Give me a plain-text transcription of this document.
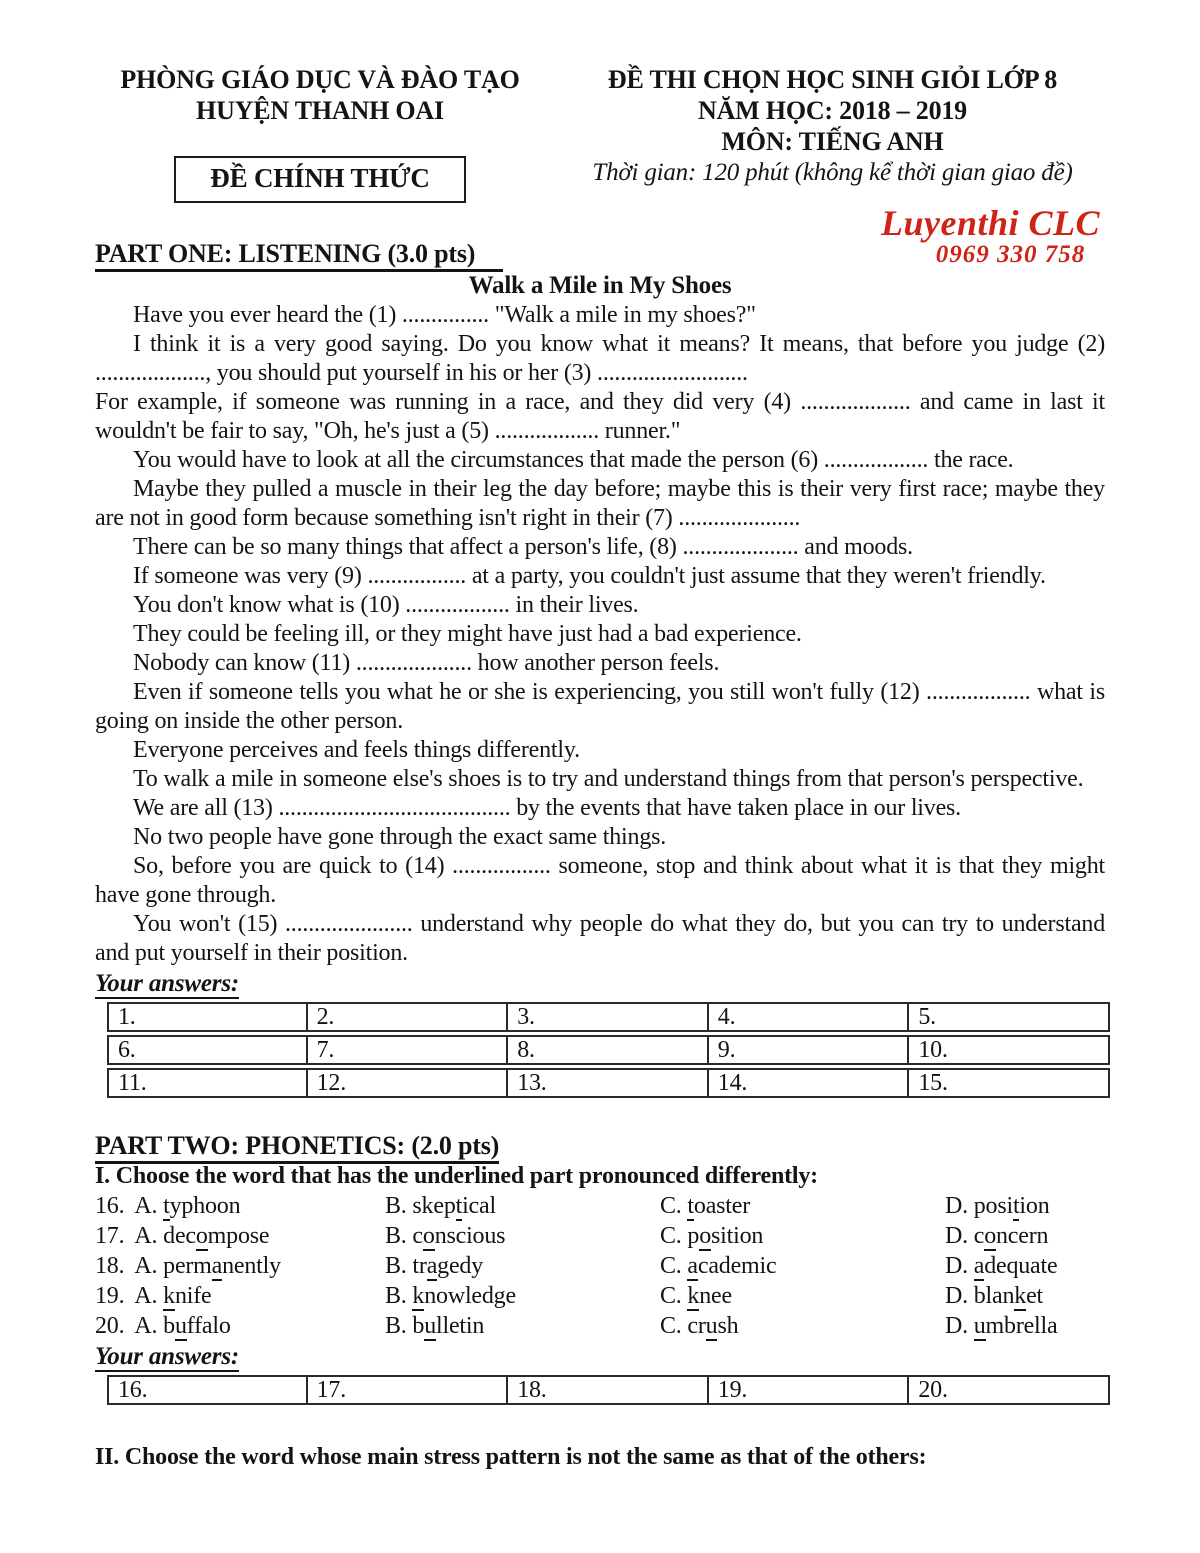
PHÒNG GIÁO DỤC VÀ ĐÀO TẠO
HUYỆN THANH OAI
ĐỀ CHÍNH THỨC
ĐỀ THI CHỌN HỌC SINH GIỎI LỚP 8
NĂM HỌC: 2018 – 2019
MÔN: TIẾNG ANH
Thời gian: 120 phút (không kể thời gian giao đề)
Luyenthi CLC
0969 330 758
PART ONE: LISTENING (3.0 pts)
Walk a Mile in My Shoes

Have you ever heard the (1) ............... "Walk a mile in my shoes?"

I think it is a very good saying. Do you know what it means? It means, that before you judge (2) ..................., you should put yourself in his or her (3) ..........................

For example, if someone was running in a race, and they did very (4) ................... and came in last it wouldn't be fair to say, "Oh, he's just a (5) .................. runner."

You would have to look at all the circumstances that made the person (6) .................. the race.

Maybe they pulled a muscle in their leg the day before; maybe this is their very first race; maybe they are not in good form because something isn't right in their (7) .....................

There can be so many things that affect a person's life, (8) .................... and moods.

If someone was very (9) ................. at a party, you couldn't just assume that they weren't friendly.

You don't know what is (10) .................. in their lives.

They could be feeling ill, or they might have just had a bad experience.

Nobody can know (11) .................... how another person feels.

Even if someone tells you what he or she is experiencing, you still won't fully (12) .................. what is going on inside the other person.

Everyone perceives and feels things differently.

To walk a mile in someone else's shoes is to try and understand things from that person's perspective.

We are all (13) ........................................ by the events that have taken place in our lives.

No two people have gone through the exact same things.

So, before you are quick to (14) ................. someone, stop and think about what it is that they might have gone through.

You won't (15) ...................... understand why people do what they do, but you can try to understand and put yourself in their position.

Your answers:
1.	2.	3.	4.	5.
6.	7.	8.	9.	10.
11.	12.	13.	14.	15.
PART TWO: PHONETICS: (2.0 pts)

I. Choose the word that has the underlined part pronounced differently:

16. A. typhoon	B. skeptical	C. toaster	D. position
17. A. decompose	B. conscious	C. position	D. concern
18. A. permanently	B. tragedy	C. academic	D. adequate
19. A. knife	B. knowledge	C. knee	D. blanket
20. A. buffalo	B. bulletin	C. crush	D. umbrella
Your answers:
16.	17.	18.	19.	20.
II. Choose the word whose main stress pattern is not the same as that of the others:
